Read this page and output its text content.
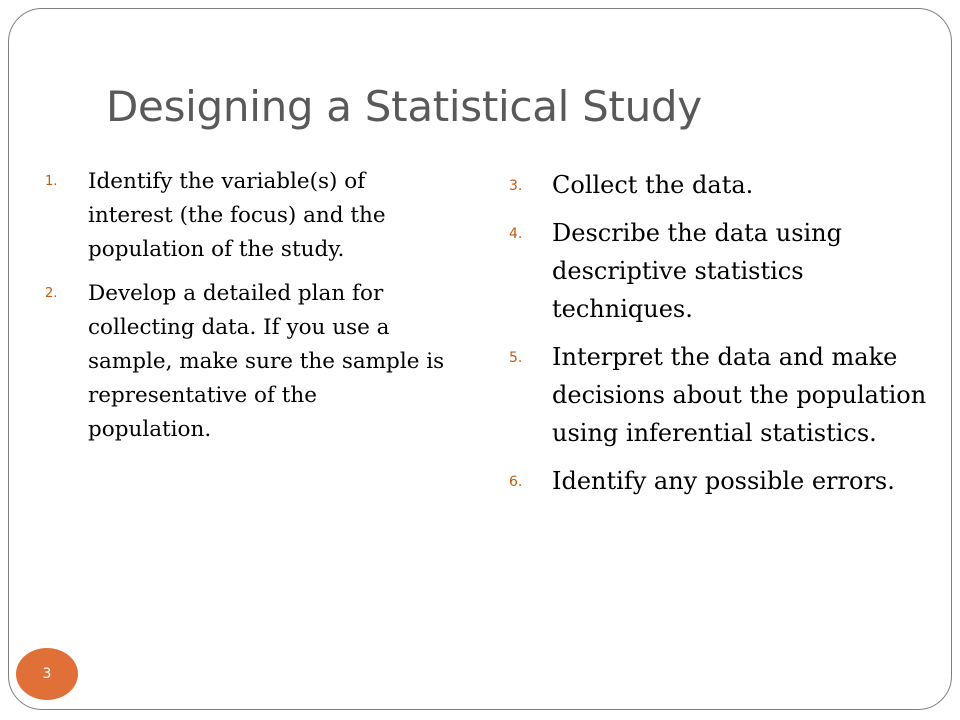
Designing a Statistical Study
1. Identify the variable(s) of interest (the focus) and the population of the study.
2. Develop a detailed plan for collecting data. If you use a sample, make sure the sample is representative of the population.
3. Collect the data.
4. Describe the data using descriptive statistics techniques.
5. Interpret the data and make decisions about the population using inferential statistics.
6. Identify any possible errors.
3
